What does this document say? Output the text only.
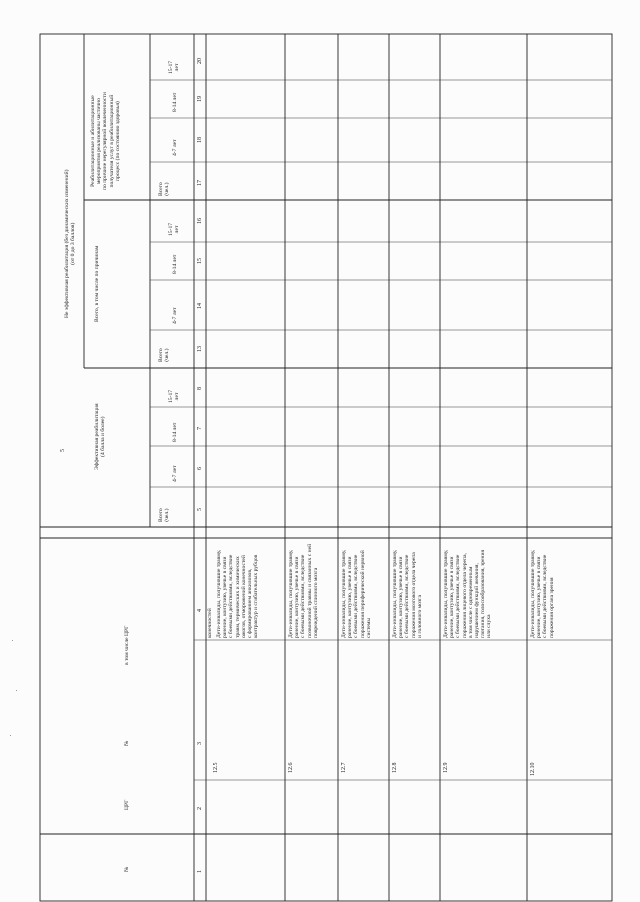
5
№
ЦРГ
№
в том числе ЦРГ
Эффективная реабилитация
(4 балла и более)
Не эффективная реабилитация (без динамических изменений)
(от 0 до 3 баллов)
Всего, в том числе по причинам
Реабилитационные и абилитационные
мероприятия реализованы частично
по причине нерегулярной вовлеченности
получателя услуг в реабилитационный
процесс (по состоянию здоровья)
Всего
(чел.)
4-7 лет
8-14 лет
15-17
лет
Всего
(чел.)
4-7 лет
8-14 лет
15-17
лет
Всего
(чел.)
4-7 лет
8-14 лет
15-17
лет
1
2
3
4
5
6
7
8
13
14
15
16
17
18
19
20
конечностей
12.5
Дети-инвалиды, получившие травму,
ранение, контузию, увечье в связи
с боевыми действиями, вследствие
травм, термических и химических
ожогов, отморожений конечностей
с формированием анкилозов,
контрактур и сгибательных рубцов
12.6
Дети-инвалиды, получившие травму,
ранение, контузию, увечье в связи
с боевыми действиями, вследствие
позвоночной травмы и связанных с ней
повреждений спинного мозга
12.7
Дети-инвалиды, получившие травму,
ранение, контузию, увечье в связи
с боевыми действиями, вследствие
поражения периферической нервной
системы
12.8
Дети-инвалиды, получившие травму,
ранение, контузию, увечье в связи
с боевыми действиями, вследствие
поражения мозгового отдела черепа
и головного мозга
12.9
Дети-инвалиды, получившие травму,
ранение, контузию, увечье в связи
с боевыми действиями, вследствие
поражения лицевого отдела черепа,
в том числе с одновременным
нарушением функций жевания,
глотания, голосообразования, зрения
или слуха
12.10
Дети-инвалиды, получившие травму,
ранение, контузию, увечье в связи
с боевыми действиями, вследствие
поражения органа зрения
